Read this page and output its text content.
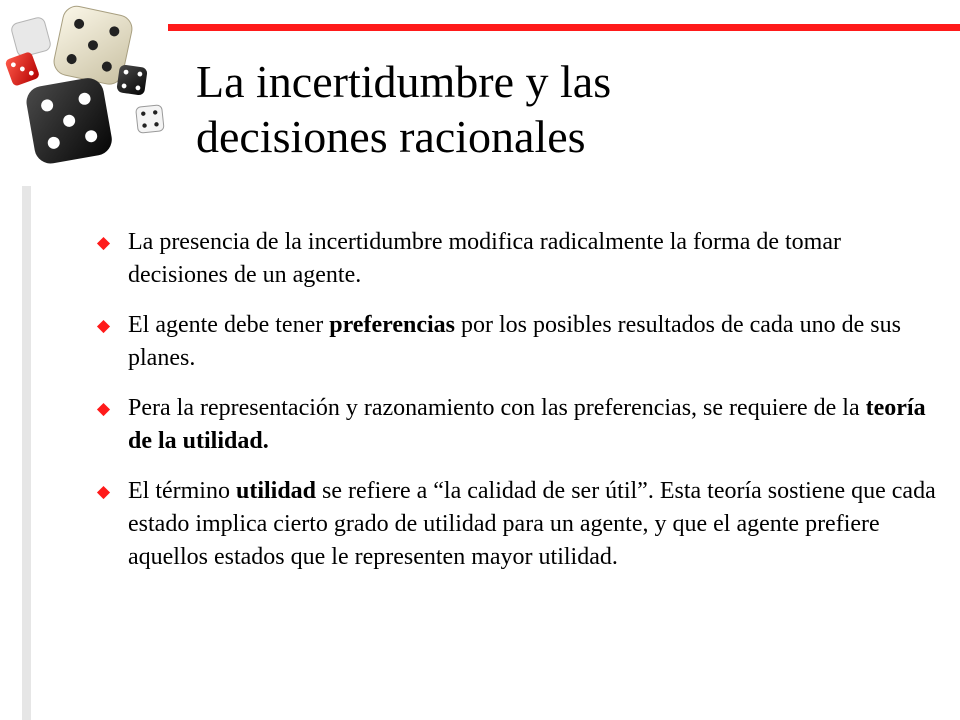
La incertidumbre y las
decisiones racionales
La presencia de la incertidumbre modifica radicalmente la forma de tomar decisiones de un agente.
El agente debe tener preferencias por los posibles resultados de cada uno de sus planes.
Pera la representación y razonamiento con las preferencias, se requiere de la teoría de la utilidad.
El término utilidad se refiere a “la calidad de ser útil”. Esta teoría sostiene que cada estado implica cierto grado de utilidad para un agente, y que el agente prefiere aquellos estados que le representen mayor utilidad.
